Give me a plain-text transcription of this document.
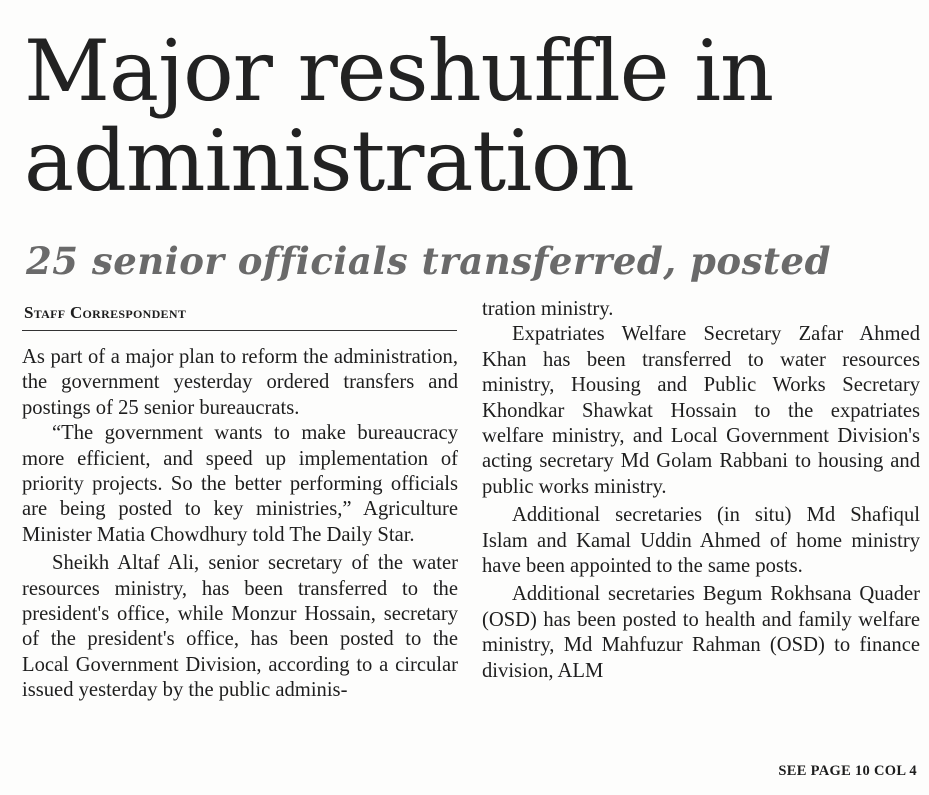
Major reshuffle in
administration
25 senior officials transferred, posted
Staff Correspondent

As part of a major plan to reform the administration, the government yesterday ordered transfers and postings of 25 senior bureaucrats.

“The government wants to make bureaucracy more efficient, and speed up implementation of priority projects. So the better performing officials are being posted to key ministries,” Agriculture Minister Matia Chowdhury told The Daily Star.

Sheikh Altaf Ali, senior secretary of the water resources ministry, has been transferred to the president's office, while Monzur Hossain, secretary of the president's office, has been posted to the Local Government Division, according to a circular issued yesterday by the public adminis-

tration ministry.

Expatriates Welfare Secretary Zafar Ahmed Khan has been transferred to water resources ministry, Housing and Public Works Secretary Khondkar Shawkat Hossain to the expatriates welfare ministry, and Local Government Division's acting secretary Md Golam Rabbani to housing and public works ministry.

Additional secretaries (in situ) Md Shafiqul Islam and Kamal Uddin Ahmed of home ministry have been appointed to the same posts.

Additional secretaries Begum Rokhsana Quader (OSD) has been posted to health and family welfare ministry, Md Mahfuzur Rahman (OSD) to finance division, ALM

SEE PAGE 10 COL 4
